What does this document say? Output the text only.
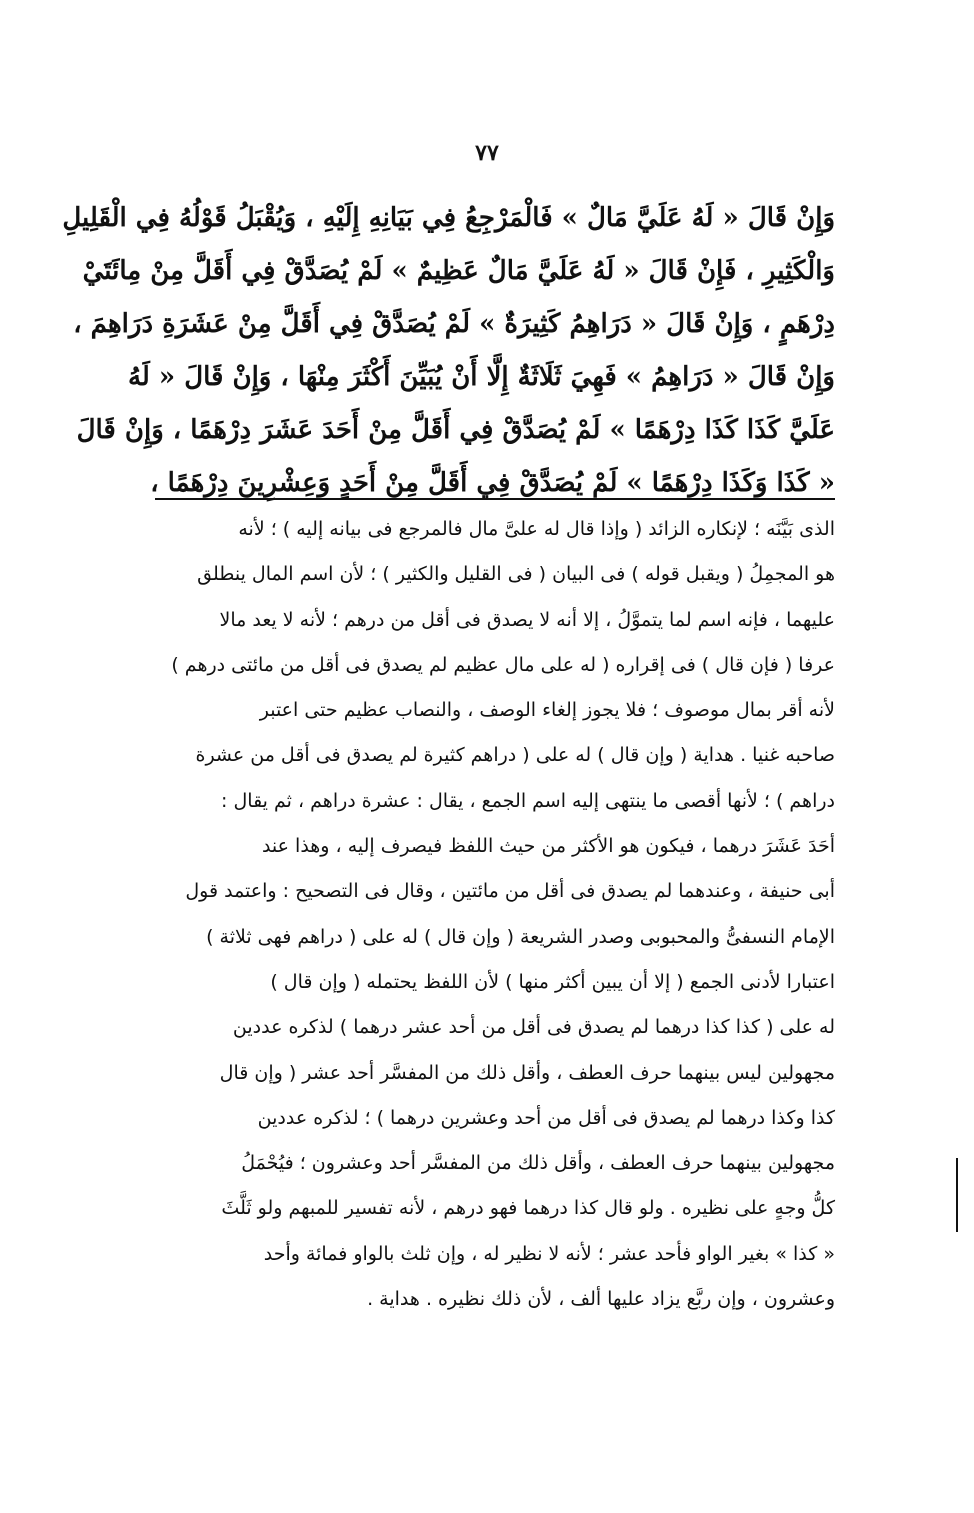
٧٧
وَإِنْ قَالَ « لَهُ عَلَيَّ مَالٌ » فَالْمَرْجِعُ فِي بَيَانِهِ إِلَيْهِ ، وَيُقْبَلُ قَوْلُهُ فِي الْقَلِيلِ
وَالْكَثِيرِ ، فَإِنْ قَالَ « لَهُ عَلَيَّ مَالٌ عَظِيمٌ » لَمْ يُصَدَّقْ فِي أَقَلَّ مِنْ مِائَتَيْ
دِرْهَمٍ ، وَإِنْ قَالَ « دَرَاهِمُ كَثِيرَةٌ » لَمْ يُصَدَّقْ فِي أَقَلَّ مِنْ عَشَرَةِ دَرَاهِمَ ،
وَإِنْ قَالَ « دَرَاهِمُ » فَهِيَ ثَلَاثَةٌ إِلَّا أَنْ يُبَيِّنَ أَكْثَرَ مِنْهَا ، وَإِنْ قَالَ « لَهُ
عَلَيَّ كَذَا كَذَا دِرْهَمًا » لَمْ يُصَدَّقْ فِي أَقَلَّ مِنْ أَحَدَ عَشَرَ دِرْهَمًا ، وَإِنْ قَالَ
« كَذَا وَكَذَا دِرْهَمًا » لَمْ يُصَدَّقْ فِي أَقَلَّ مِنْ أَحَدٍ وَعِشْرِينَ دِرْهَمًا ،
الذى بَيَّنَه ؛ لإنكاره الزائد ( وإذا قال له علىَّ مال فالمرجع فى بيانه إليه ) ؛ لأنه
هو المجمِلُ ( ويقبل قوله ) فى البيان ( فى القليل والكثير ) ؛ لأن اسم المال ينطلق
عليهما ، فإنه اسم لما يتموَّلُ ، إلا أنه لا يصدق فى أقل من درهم ؛ لأنه لا يعد مالا
عرفا ( فإن قال ) فى إقراره ( له على مال عظيم لم يصدق فى أقل من مائتى درهم )
لأنه أقر بمال موصوف ؛ فلا يجوز إلغاء الوصف ، والنصاب عظيم حتى اعتبر
صاحبه غنيا . هداية ( وإن قال ) له على ( دراهم كثيرة لم يصدق فى أقل من عشرة
دراهم ) ؛ لأنها أقصى ما ينتهى إليه اسم الجمع ، يقال : عشرة دراهم ، ثم يقال :
أحَدَ عَشَرَ درهما ، فيكون هو الأكثر من حيث اللفظ فيصرف إليه ، وهذا عند
أبى حنيفة ، وعندهما لم يصدق فى أقل من مائتين ، وقال فى التصحيح : واعتمد قول
الإمام النسفىُّ والمحبوبى وصدر الشريعة ( وإن قال ) له على ( دراهم فهى ثلاثة )
اعتبارا لأدنى الجمع ( إلا أن يبين أكثر منها ) لأن اللفظ يحتمله ( وإن قال )
له على ( كذا كذا درهما لم يصدق فى أقل من أحد عشر درهما ) لذكره عددين
مجهولين ليس بينهما حرف العطف ، وأقل ذلك من المفسَّر أحد عشر ( وإن قال
كذا وكذا درهما لم يصدق فى أقل من أحد وعشرين درهما ) ؛ لذكره عددين
مجهولين بينهما حرف العطف ، وأقل ذلك من المفسَّر أحد وعشرون ؛ فيُحْمَلُ
كلُّ وجهٍ على نظيره . ولو قال كذا درهما فهو درهم ، لأنه تفسير للمبهم ولو ثَلَّثَ
« كذا » بغير الواو فأحد عشر ؛ لأنه لا نظير له ، وإن ثلث بالواو فمائة وأحد
وعشرون ، وإن ربَّع يزاد عليها ألف ، لأن ذلك نظيره . هداية .
